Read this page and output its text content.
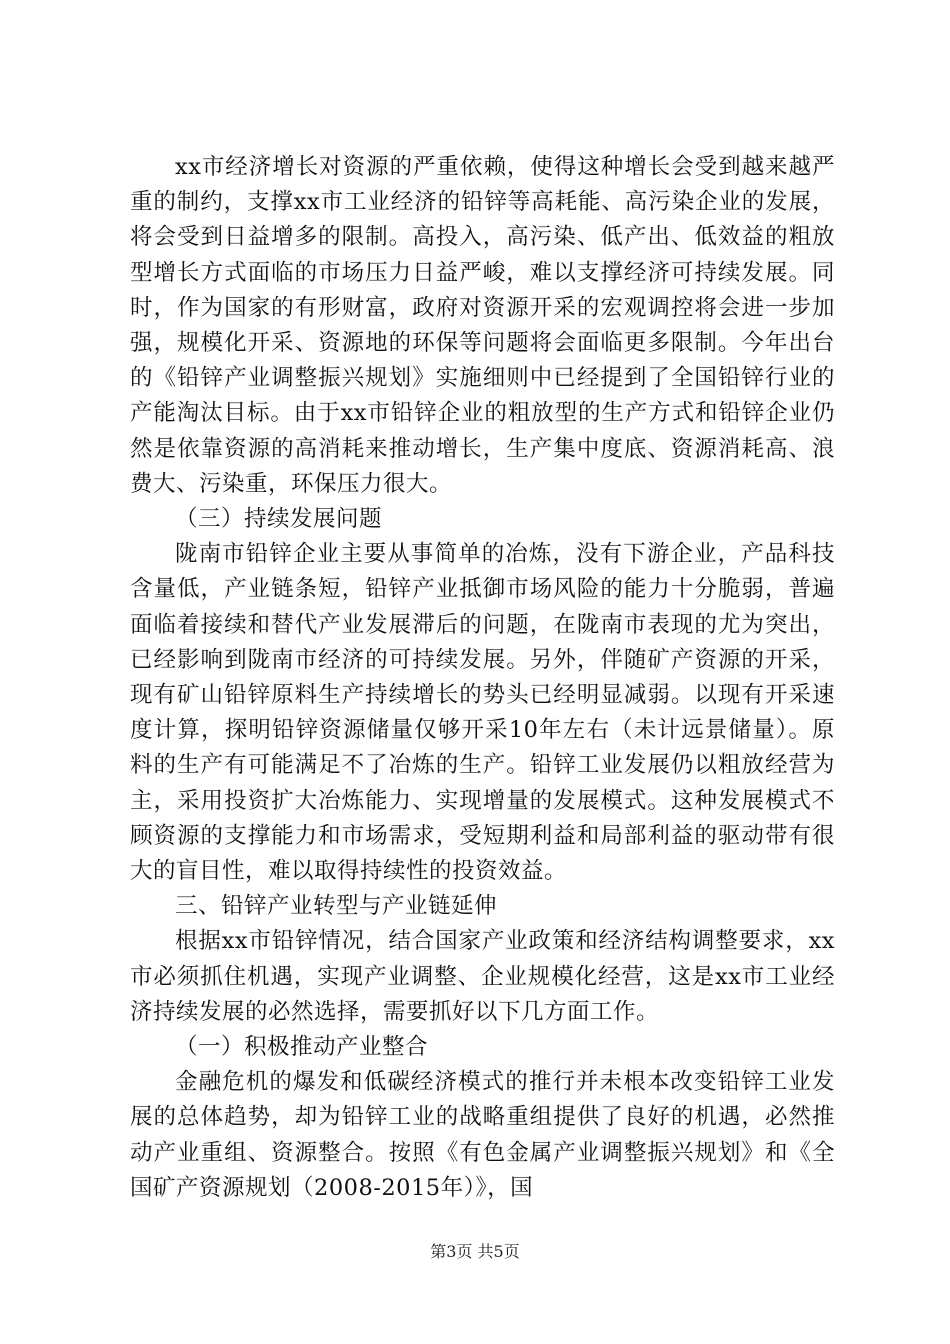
xx市经济增长对资源的严重依赖，使得这种增长会受到越来越严重的制约，支撑xx市工业经济的铅锌等高耗能、高污染企业的发展，将会受到日益增多的限制。高投入，高污染、低产出、低效益的粗放型增长方式面临的市场压力日益严峻，难以支撑经济可持续发展。同时，作为国家的有形财富，政府对资源开采的宏观调控将会进一步加强，规模化开采、资源地的环保等问题将会面临更多限制。今年出台的《铅锌产业调整振兴规划》实施细则中已经提到了全国铅锌行业的产能淘汰目标。由于xx市铅锌企业的粗放型的生产方式和铅锌企业仍然是依靠资源的高消耗来推动增长，生产集中度底、资源消耗高、浪费大、污染重，环保压力很大。

（三）持续发展问题

陇南市铅锌企业主要从事简单的冶炼，没有下游企业，产品科技含量低，产业链条短，铅锌产业抵御市场风险的能力十分脆弱，普遍面临着接续和替代产业发展滞后的问题，在陇南市表现的尤为突出，已经影响到陇南市经济的可持续发展。另外，伴随矿产资源的开采，现有矿山铅锌原料生产持续增长的势头已经明显减弱。以现有开采速度计算，探明铅锌资源储量仅够开采10年左右（未计远景储量）。原料的生产有可能满足不了冶炼的生产。铅锌工业发展仍以粗放经营为主，采用投资扩大冶炼能力、实现增量的发展模式。这种发展模式不顾资源的支撑能力和市场需求，受短期利益和局部利益的驱动带有很大的盲目性，难以取得持续性的投资效益。

三、铅锌产业转型与产业链延伸

根据xx市铅锌情况，结合国家产业政策和经济结构调整要求，xx市必须抓住机遇，实现产业调整、企业规模化经营，这是xx市工业经济持续发展的必然选择，需要抓好以下几方面工作。

（一）积极推动产业整合

金融危机的爆发和低碳经济模式的推行并未根本改变铅锌工业发展的总体趋势，却为铅锌工业的战略重组提供了良好的机遇，必然推动产业重组、资源整合。按照《有色金属产业调整振兴规划》和《全国矿产资源规划（2008-2015年）》，国

第3页 共5页
